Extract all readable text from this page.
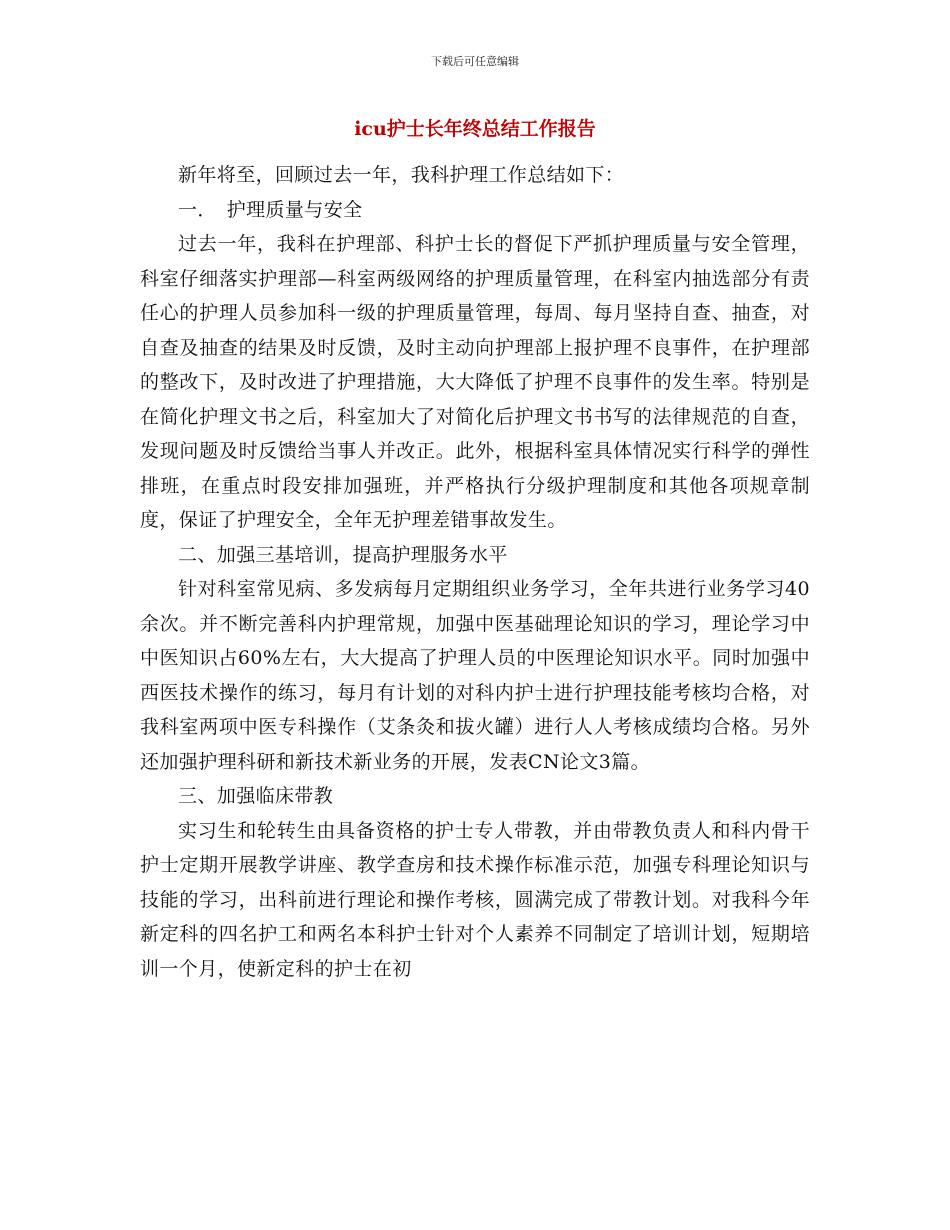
下载后可任意编辑
icu护士长年终总结工作报告

新年将至，回顾过去一年，我科护理工作总结如下：

一．　护理质量与安全

过去一年，我科在护理部、科护士长的督促下严抓护理质量与安全管理，科室仔细落实护理部—科室两级网络的护理质量管理，在科室内抽选部分有责任心的护理人员参加科一级的护理质量管理，每周、每月坚持自查、抽查，对自查及抽查的结果及时反馈，及时主动向护理部上报护理不良事件，在护理部的整改下，及时改进了护理措施，大大降低了护理不良事件的发生率。特别是在简化护理文书之后，科室加大了对简化后护理文书书写的法律规范的自查，发现问题及时反馈给当事人并改正。此外，根据科室具体情况实行科学的弹性排班，在重点时段安排加强班，并严格执行分级护理制度和其他各项规章制度，保证了护理安全，全年无护理差错事故发生。

二、加强三基培训，提高护理服务水平

针对科室常见病、多发病每月定期组织业务学习，全年共进行业务学习40余次。并不断完善科内护理常规，加强中医基础理论知识的学习，理论学习中中医知识占60%左右，大大提高了护理人员的中医理论知识水平。同时加强中西医技术操作的练习，每月有计划的对科内护士进行护理技能考核均合格，对我科室两项中医专科操作（艾条灸和拔火罐）进行人人考核成绩均合格。另外还加强护理科研和新技术新业务的开展，发表CN论文3篇。

三、加强临床带教

实习生和轮转生由具备资格的护士专人带教，并由带教负责人和科内骨干护士定期开展教学讲座、教学查房和技术操作标准示范，加强专科理论知识与技能的学习，出科前进行理论和操作考核，圆满完成了带教计划。对我科今年新定科的四名护工和两名本科护士针对个人素养不同制定了培训计划，短期培训一个月，使新定科的护士在初
